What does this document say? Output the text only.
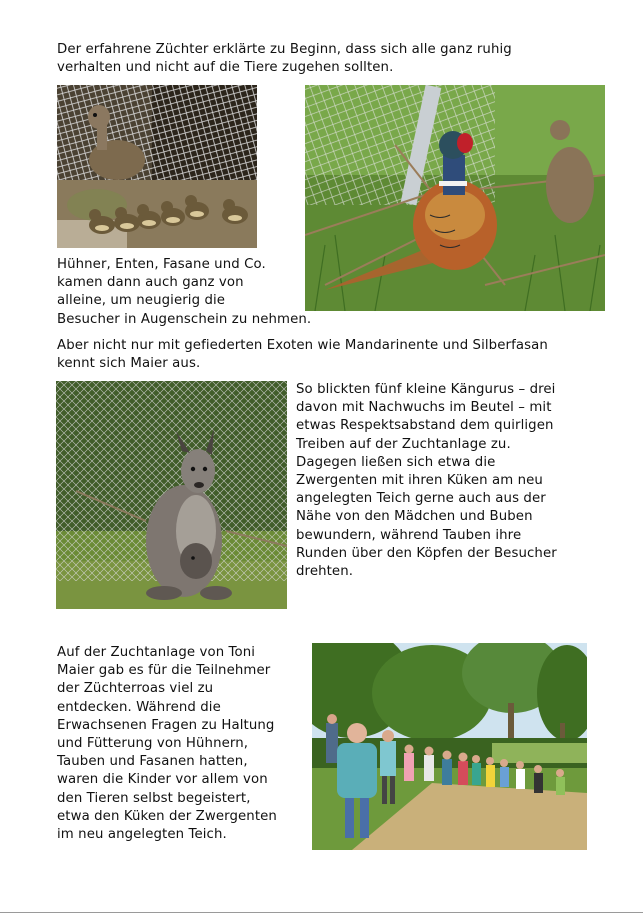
Der erfahrene Züchter erklärte zu Beginn, dass sich alle ganz ruhig
verhalten und nicht auf die Tiere zugehen sollten.

Hühner, Enten, Fasane und Co.
kamen dann auch ganz von
alleine, um neugierig die
Besucher in Augenschein zu nehmen.

Aber nicht nur mit gefiederten Exoten wie Mandarinente und Silberfasan
kennt sich Maier aus.

So blickten fünf kleine Kängurus – drei
davon mit Nachwuchs im Beutel – mit
etwas Respektsabstand dem quirligen
Treiben auf der Zuchtanlage zu.
Dagegen ließen sich etwa die
Zwergenten mit ihren Küken am neu
angelegten Teich gerne auch aus der
Nähe von den Mädchen und Buben
bewundern, während Tauben ihre
Runden über den Köpfen der Besucher
drehten.

Auf der Zuchtanlage von Toni
Maier gab es für die Teilnehmer
der Züchterroas viel zu
entdecken. Während die
Erwachsenen Fragen zu Haltung
und Fütterung von Hühnern,
Tauben und Fasanen hatten,
waren die Kinder vor allem von
den Tieren selbst begeistert,
etwa den Küken der Zwergenten
im neu angelegten Teich.
